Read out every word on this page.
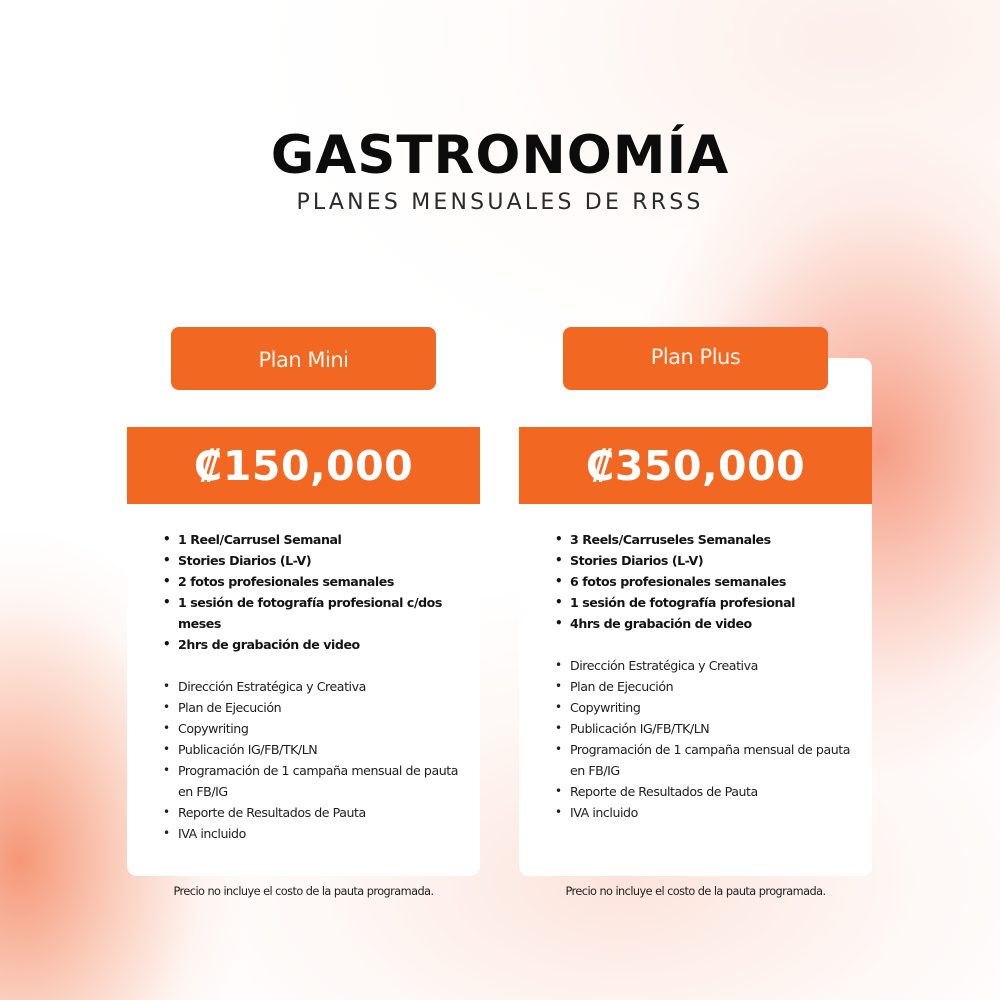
GASTRONOMÍA
PLANES MENSUALES DE RRSS
Plan Mini
₡150,000
• 1 Reel/Carrusel Semanal
• Stories Diarios (L-V)
• 2 fotos profesionales semanales
• 1 sesión de fotografía profesional c/dos meses
• 2hrs de grabación de video
• Dirección Estratégica y Creativa
• Plan de Ejecución
• Copywriting
• Publicación IG/FB/TK/LN
• Programación de 1 campaña mensual de pauta en FB/IG
• Reporte de Resultados de Pauta
• IVA incluido
Precio no incluye el costo de la pauta programada.
Plan Plus
₡350,000
• 3 Reels/Carruseles Semanales
• Stories Diarios (L-V)
• 6 fotos profesionales semanales
• 1 sesión de fotografía profesional
• 4hrs de grabación de video
• Dirección Estratégica y Creativa
• Plan de Ejecución
• Copywriting
• Publicación IG/FB/TK/LN
• Programación de 1 campaña mensual de pauta en FB/IG
• Reporte de Resultados de Pauta
• IVA incluido
Precio no incluye el costo de la pauta programada.
